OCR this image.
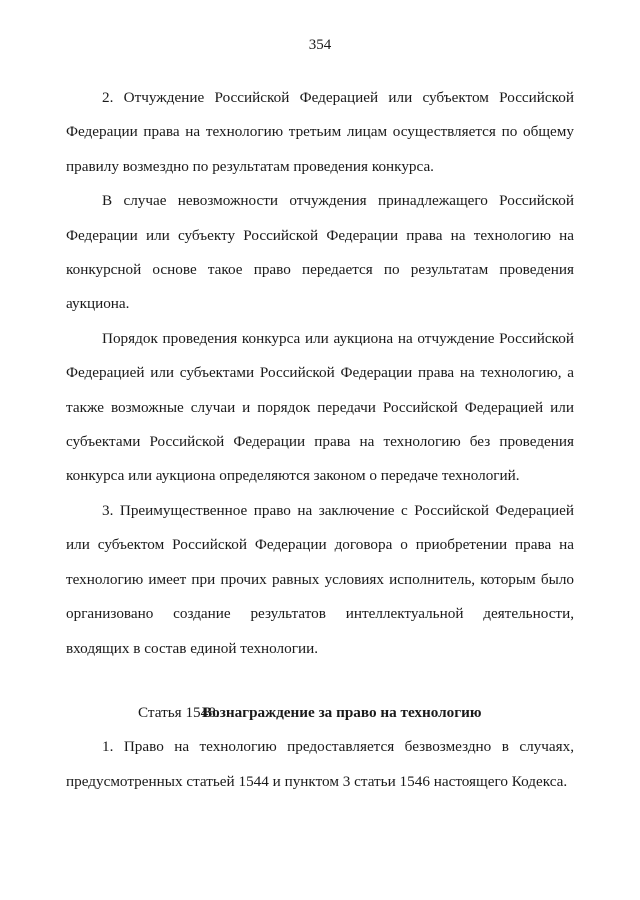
354

2. Отчуждение Российской Федерацией или субъектом Российской Федерации права на технологию третьим лицам осуществляется по общему правилу возмездно по результатам проведения конкурса.

В случае невозможности отчуждения принадлежащего Российской Федерации или субъекту Российской Федерации права на технологию на конкурсной основе такое право передается по результатам проведения аукциона.

Порядок проведения конкурса или аукциона на отчуждение Российской Федерацией или субъектами Российской Федерации права на технологию, а также возможные случаи и порядок передачи Российской Федерацией или субъектами Российской Федерации права на технологию без проведения конкурса или аукциона определяются законом о передаче технологий.

3. Преимущественное право на заключение с Российской Федерацией или субъектом Российской Федерации договора о приобретении права на технологию имеет при прочих равных условиях исполнитель, которым было организовано создание результатов интеллектуальной деятельности, входящих в состав единой технологии.

Статья 1548.Вознаграждение за право на технологию

1. Право на технологию предоставляется безвозмездно в случаях, предусмотренных статьей 1544 и пунктом 3 статьи 1546 настоящего Кодекса.
